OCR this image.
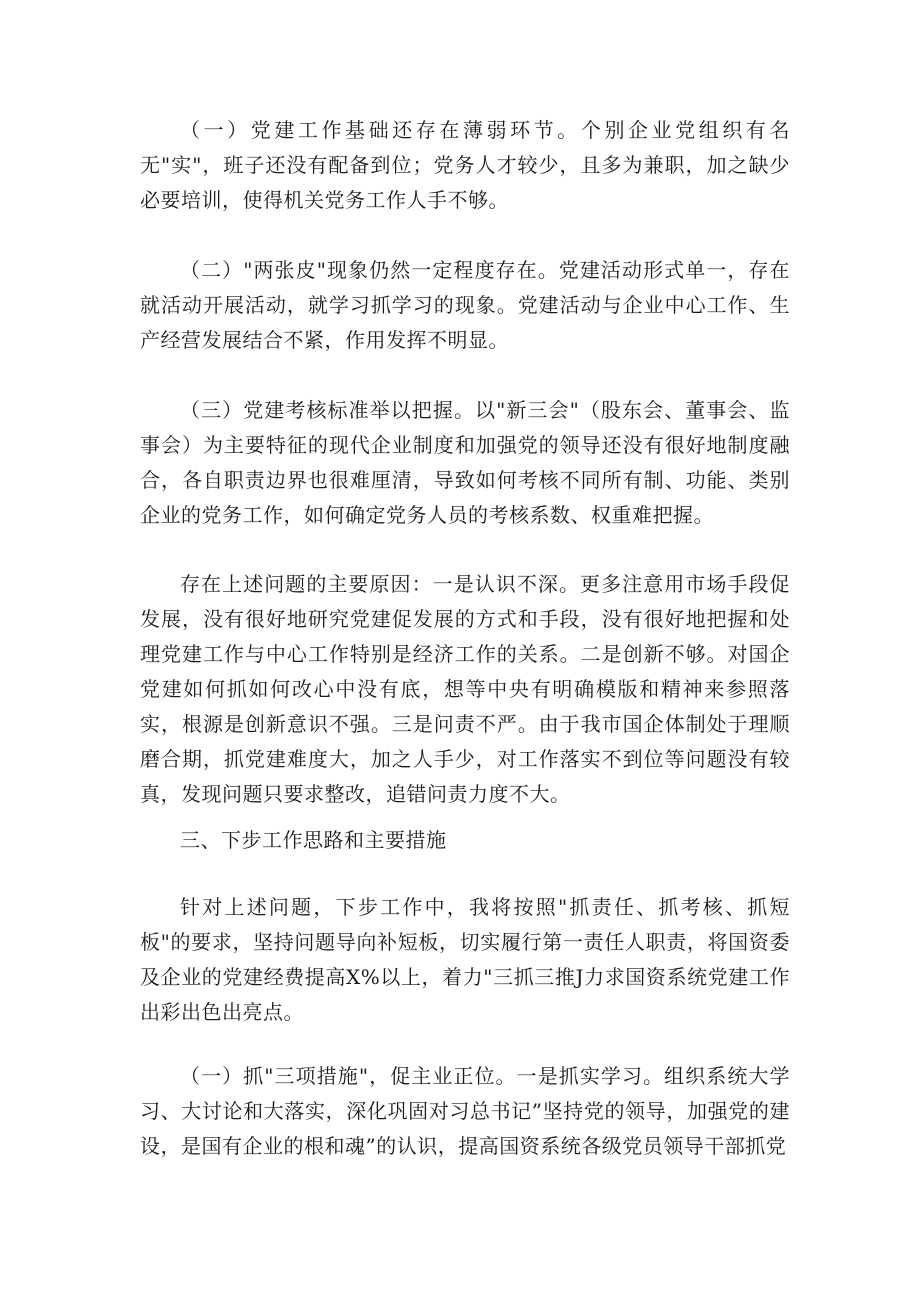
（一）党建工作基础还存在薄弱环节。个别企业党组织有名无"实"，班子还没有配备到位；党务人才较少，且多为兼职，加之缺少必要培训，使得机关党务工作人手不够。

（二）"两张皮"现象仍然一定程度存在。党建活动形式单一，存在就活动开展活动，就学习抓学习的现象。党建活动与企业中心工作、生产经营发展结合不紧，作用发挥不明显。

（三）党建考核标准举以把握。以"新三会"（股东会、董事会、监事会）为主要特征的现代企业制度和加强党的领导还没有很好地制度融合，各自职责边界也很难厘清，导致如何考核不同所有制、功能、类别企业的党务工作，如何确定党务人员的考核系数、权重难把握。

存在上述问题的主要原因：一是认识不深。更多注意用市场手段促发展，没有很好地研究党建促发展的方式和手段，没有很好地把握和处理党建工作与中心工作特别是经济工作的关系。二是创新不够。对国企党建如何抓如何改心中没有底，想等中央有明确模版和精神来参照落实，根源是创新意识不强。三是问责不严。由于我市国企体制处于理顺磨合期，抓党建难度大，加之人手少，对工作落实不到位等问题没有较真，发现问题只要求整改，追错问责力度不大。

三、下步工作思路和主要措施

针对上述问题，下步工作中，我将按照"抓责任、抓考核、抓短板"的要求，坚持问题导向补短板，切实履行第一责任人职责，将国资委及企业的党建经费提高X%以上，着力"三抓三推J力求国资系统党建工作出彩出色出亮点。

（一）抓"三项措施"，促主业正位。一是抓实学习。组织系统大学习、大讨论和大落实，深化巩固对习总书记”坚持党的领导，加强党的建设，是国有企业的根和魂”的认识，提高国资系统各级党员领导干部抓党
